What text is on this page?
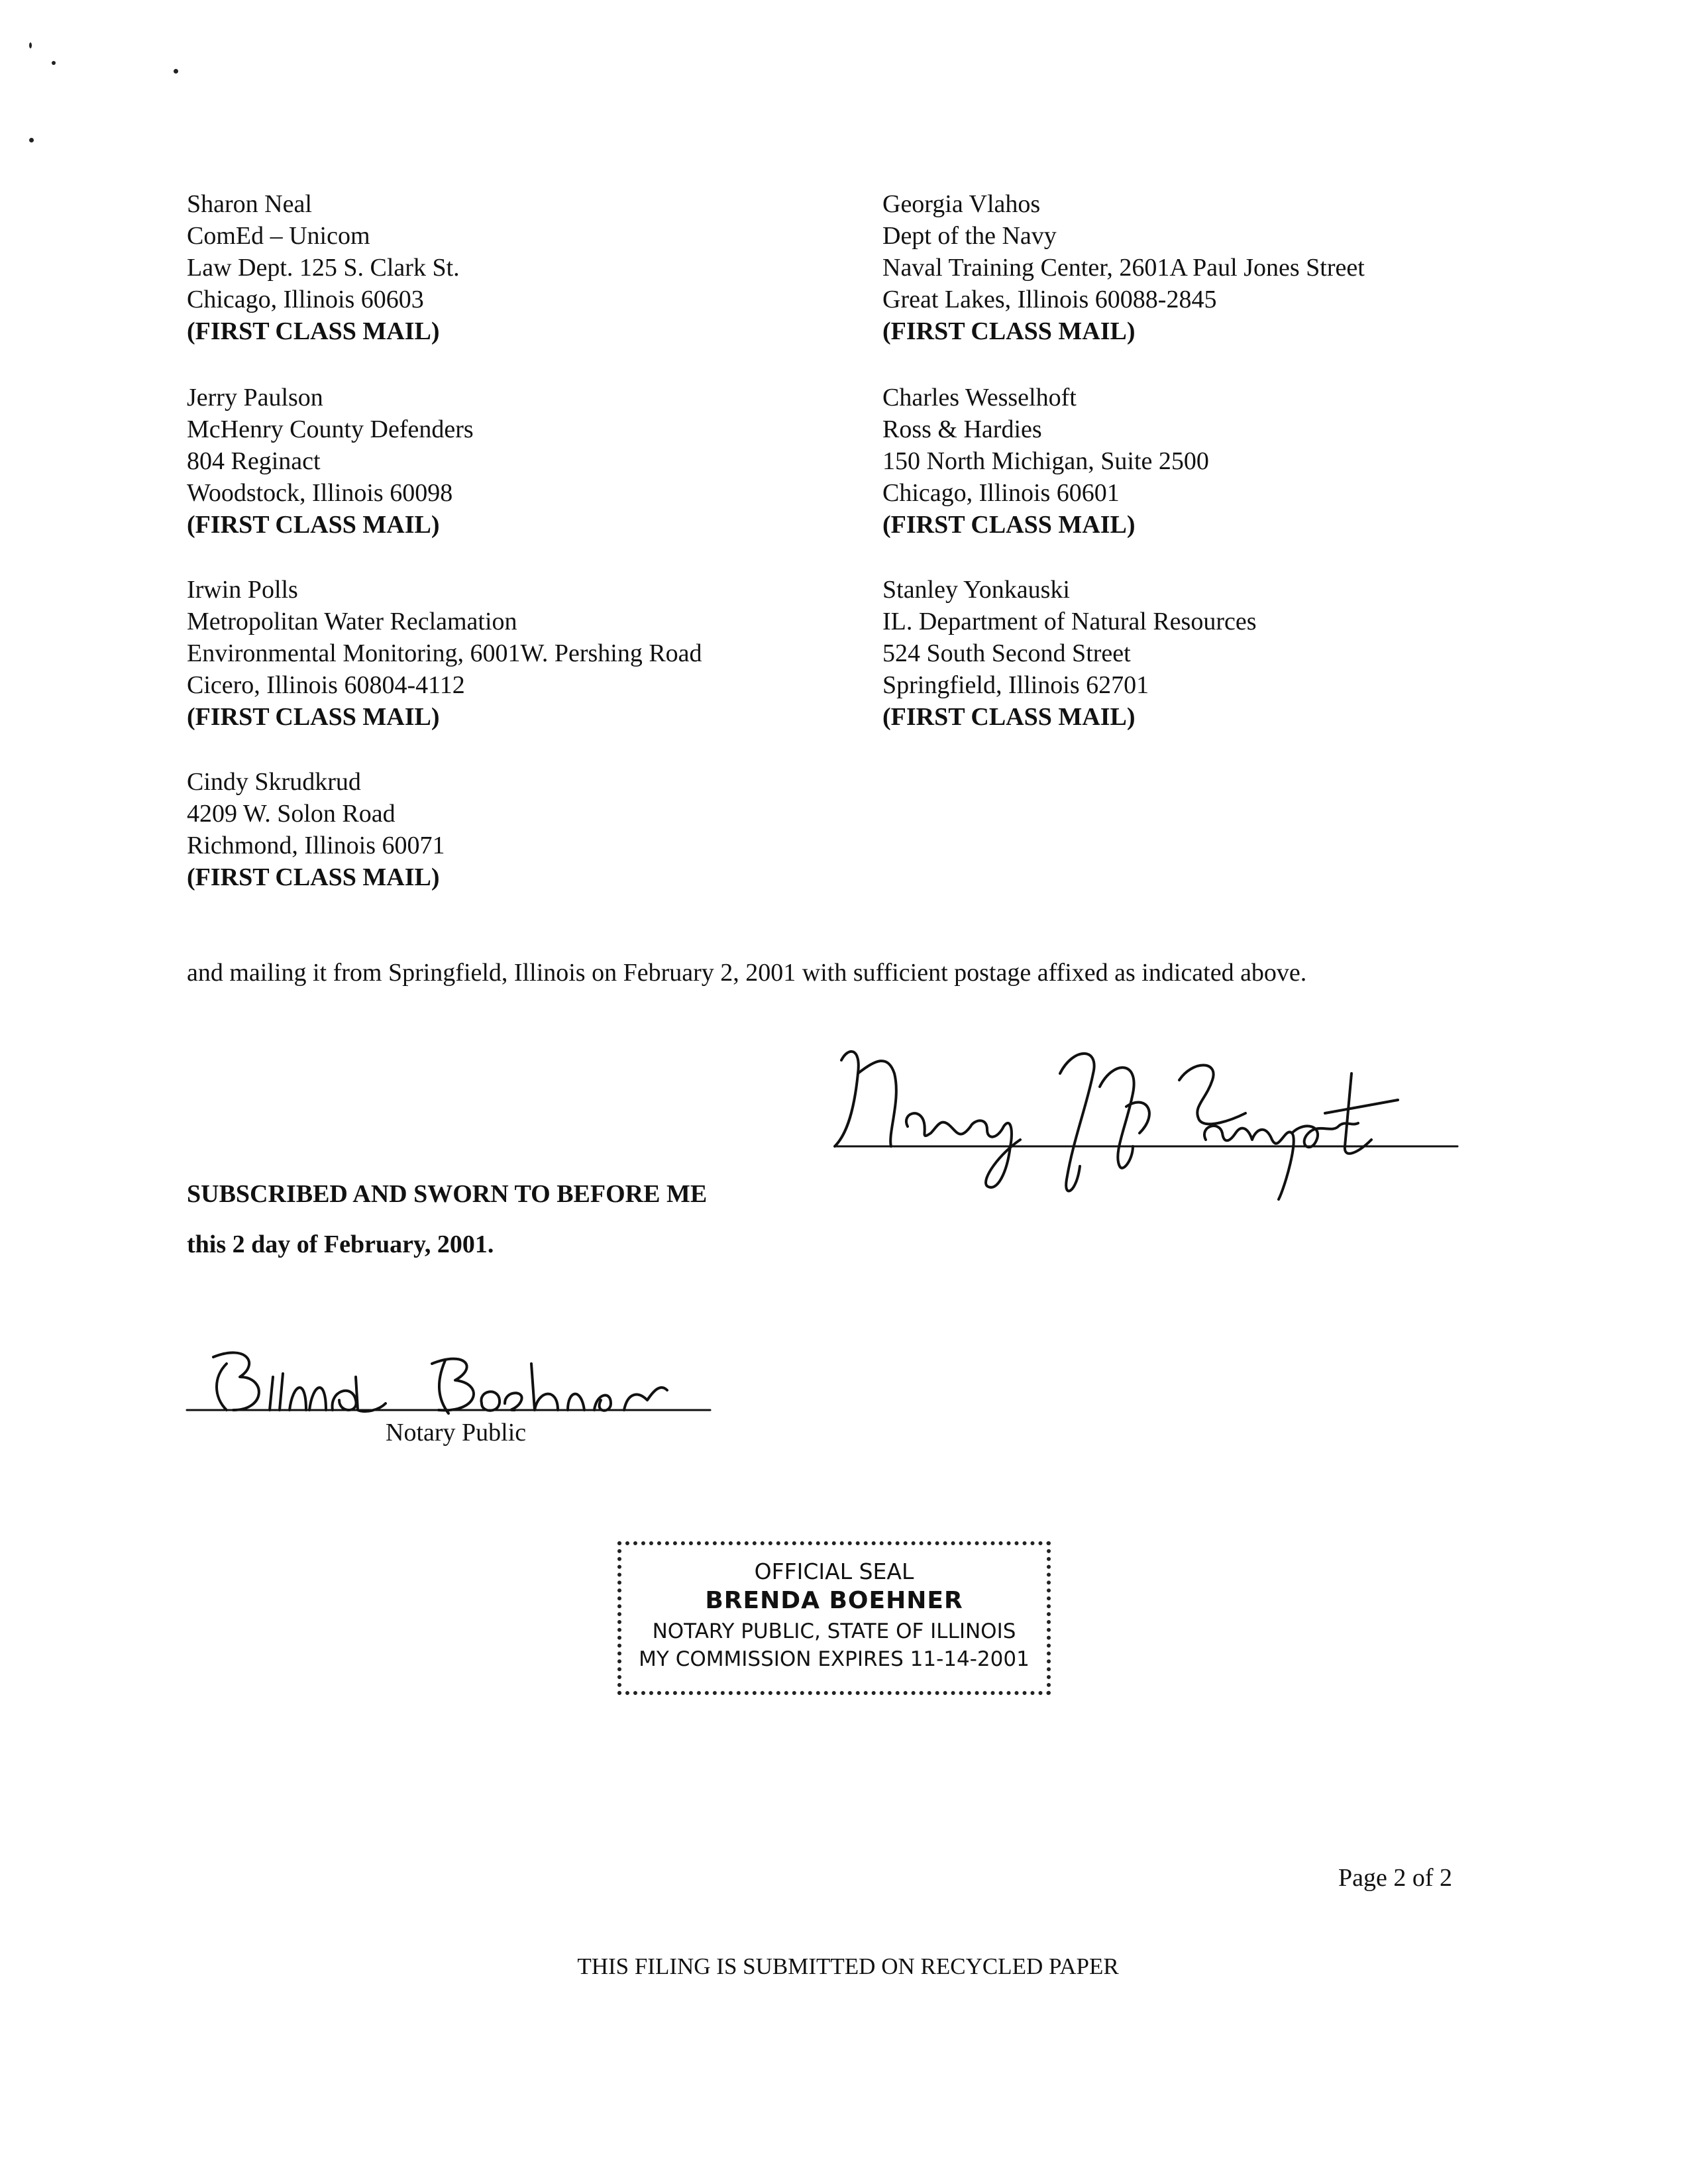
Sharon Neal
ComEd – Unicom
Law Dept. 125 S. Clark St.
Chicago, Illinois 60603
(FIRST CLASS MAIL)
Jerry Paulson
McHenry County Defenders
804 Reginact
Woodstock, Illinois 60098
(FIRST CLASS MAIL)
Irwin Polls
Metropolitan Water Reclamation
Environmental Monitoring, 6001W. Pershing Road
Cicero, Illinois 60804-4112
(FIRST CLASS MAIL)
Cindy Skrudkrud
4209 W. Solon Road
Richmond, Illinois 60071
(FIRST CLASS MAIL)
Georgia Vlahos
Dept of the Navy
Naval Training Center, 2601A Paul Jones Street
Great Lakes, Illinois 60088-2845
(FIRST CLASS MAIL)
Charles Wesselhoft
Ross & Hardies
150 North Michigan, Suite 2500
Chicago, Illinois 60601
(FIRST CLASS MAIL)
Stanley Yonkauski
IL. Department of Natural Resources
524 South Second Street
Springfield, Illinois 62701
(FIRST CLASS MAIL)
and mailing it from Springfield, Illinois on February 2, 2001 with sufficient postage affixed as indicated above.
SUBSCRIBED AND SWORN TO BEFORE ME
this 2 day of February, 2001.
Notary Public
OFFICIAL SEAL
BRENDA BOEHNER
NOTARY PUBLIC, STATE OF ILLINOIS
MY COMMISSION EXPIRES 11-14-2001
Page 2 of 2
THIS FILING IS SUBMITTED ON RECYCLED PAPER
